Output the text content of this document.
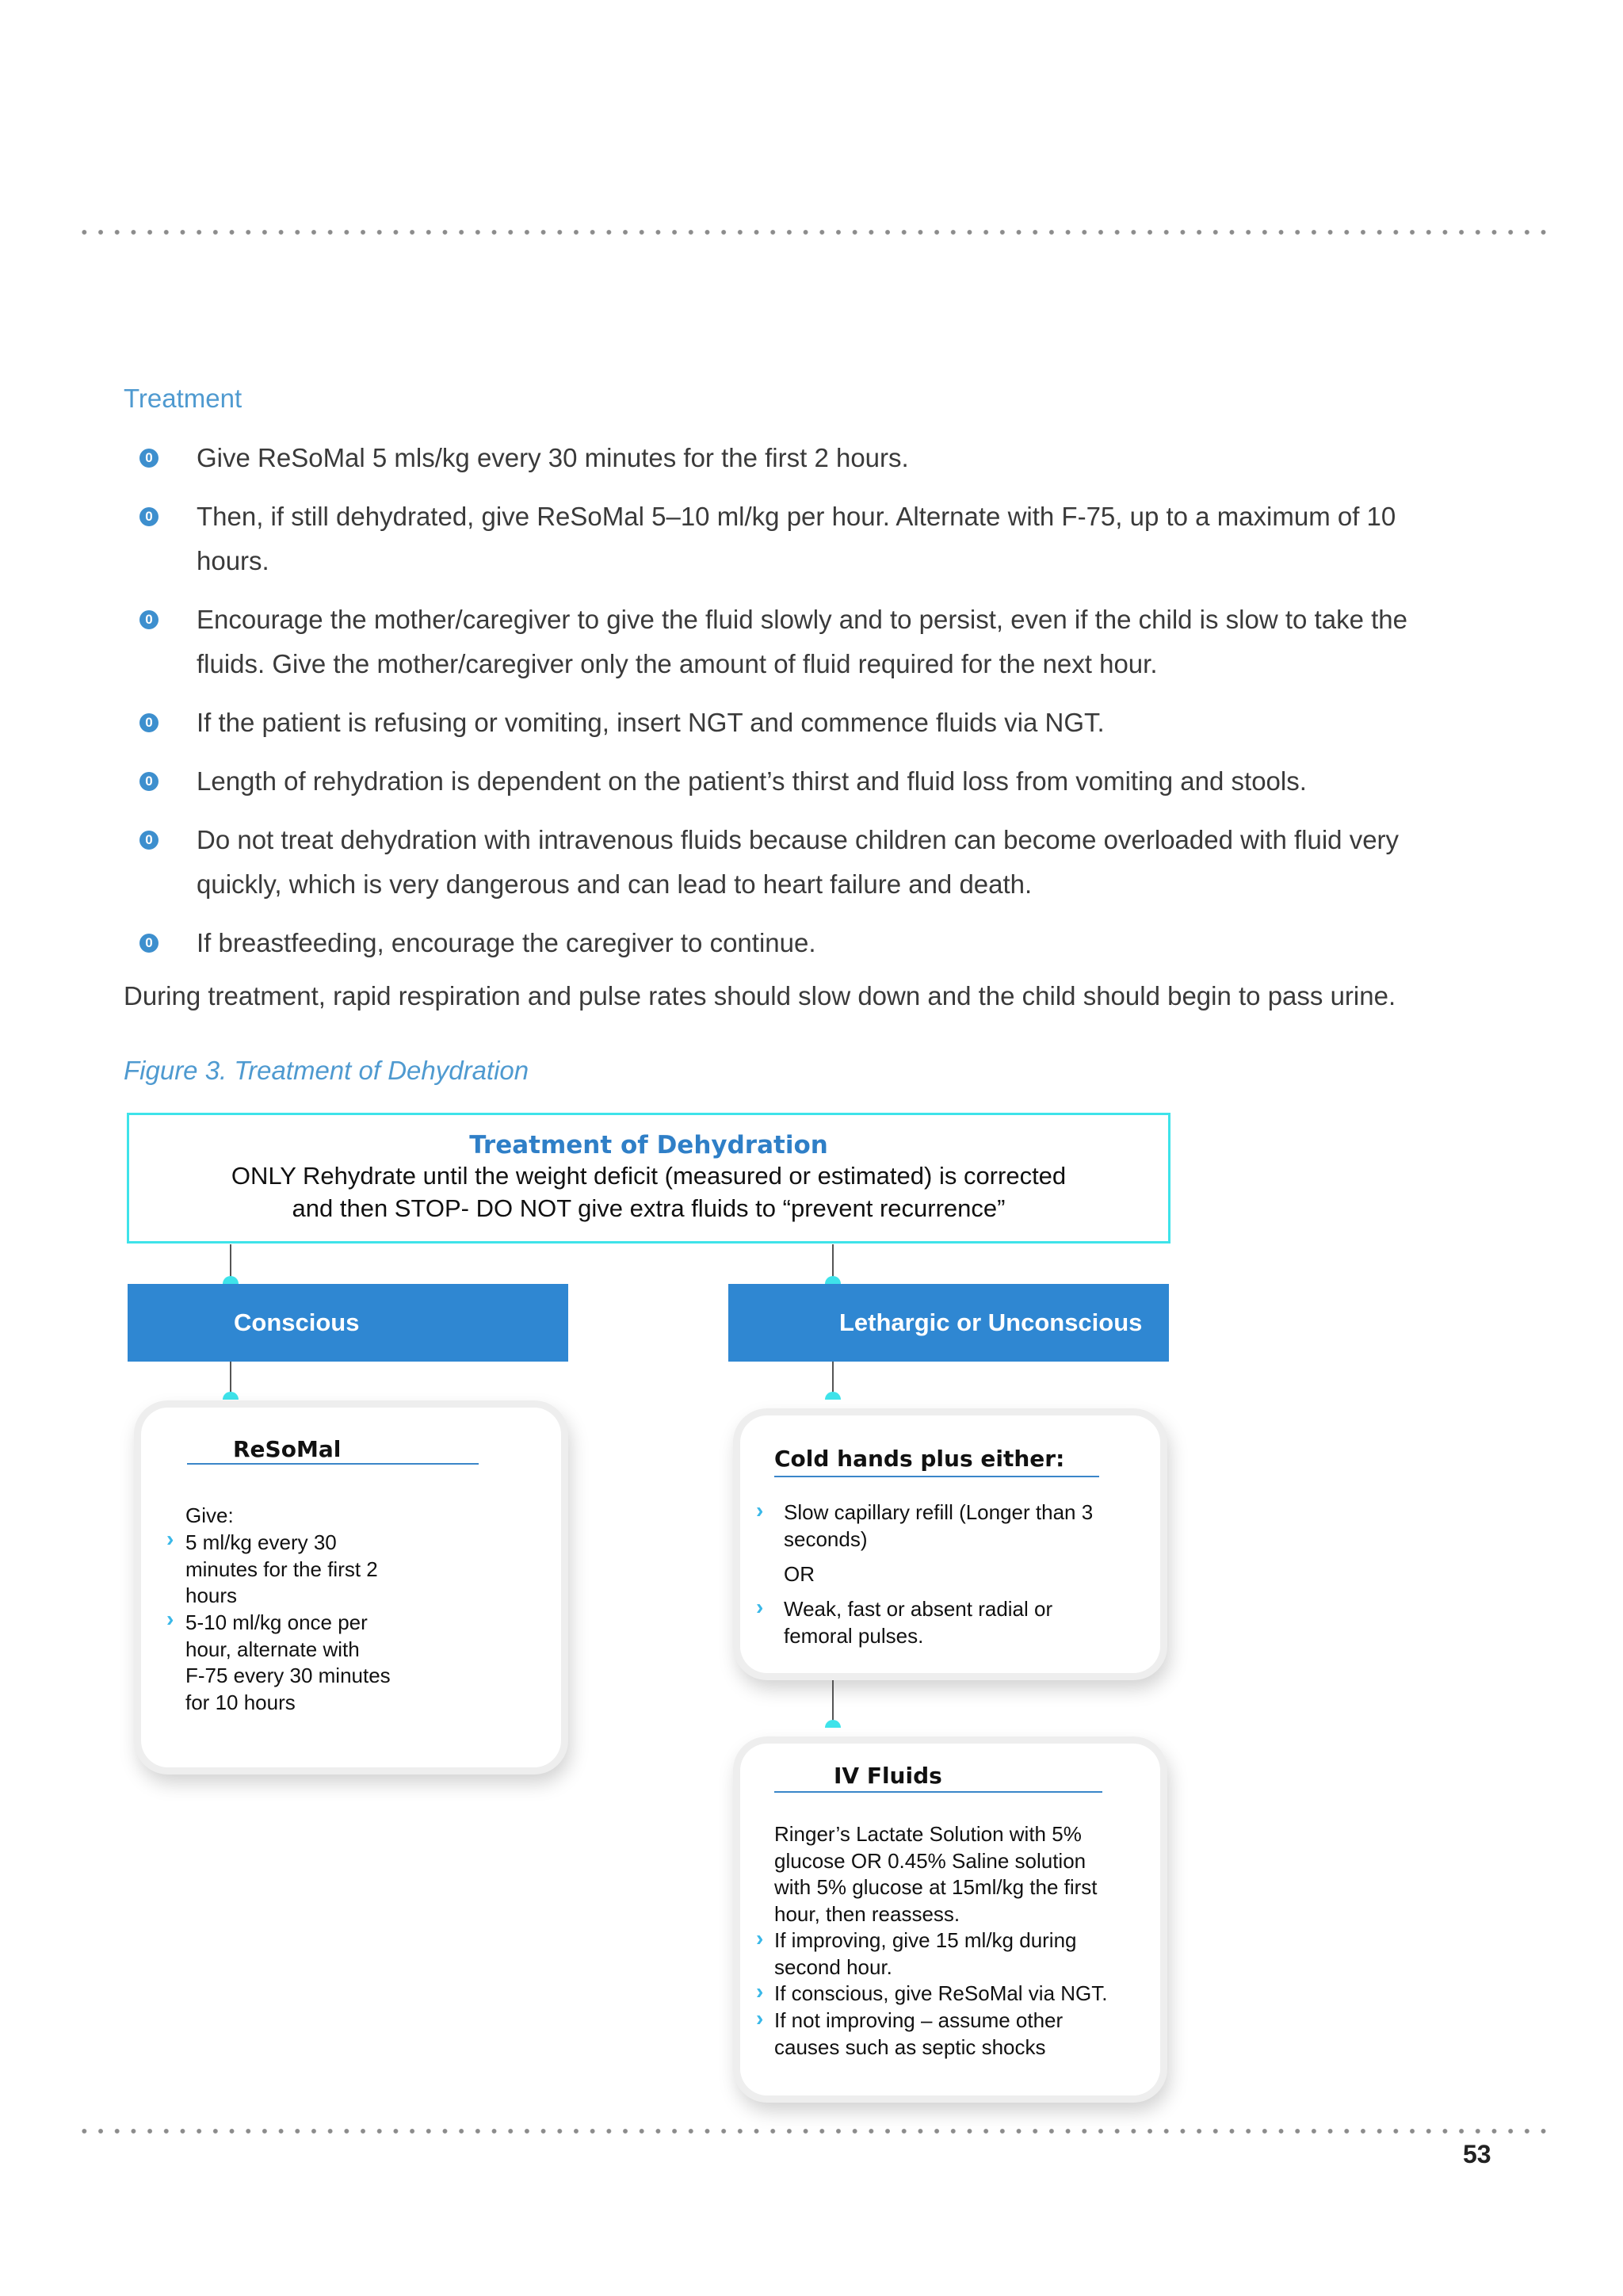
Treatment
0 Give ReSoMal 5 mls/kg every 30 minutes for the first 2 hours.
0 Then, if still dehydrated, give ReSoMal 5–10 ml/kg per hour. Alternate with F-75, up to a maximum of 10
hours.
0 Encourage the mother/caregiver to give the fluid slowly and to persist, even if the child is slow to take the
fluids. Give the mother/caregiver only the amount of fluid required for the next hour.
0 If the patient is refusing or vomiting, insert NGT and commence fluids via NGT.
0 Length of rehydration is dependent on the patient’s thirst and fluid loss from vomiting and stools.
0 Do not treat dehydration with intravenous fluids because children can become overloaded with fluid very
quickly, which is very dangerous and can lead to heart failure and death.
0 If breastfeeding, encourage the caregiver to continue.
During treatment, rapid respiration and pulse rates should slow down and the child should begin to pass urine.
Figure 3. Treatment of Dehydration
Treatment of Dehydration
ONLY Rehydrate until the weight deficit (measured or estimated) is corrected
and then STOP- DO NOT give extra fluids to “prevent recurrence”
Conscious	Lethargic or Unconscious
ReSoMal
Give:
› 5 ml/kg every 30
minutes for the first 2
hours
› 5-10 ml/kg once per
hour, alternate with
F-75 every 30 minutes
for 10 hours
Cold hands plus either:
› Slow capillary refill (Longer than 3
seconds)
OR
› Weak, fast or absent radial or
femoral pulses.
IV Fluids
Ringer’s Lactate Solution with 5%
glucose OR 0.45% Saline solution
with 5% glucose at 15ml/kg the first
hour, then reassess.
› If improving, give 15 ml/kg during
second hour.
› If conscious, give ReSoMal via NGT.
› If not improving – assume other
causes such as septic shocks
53
